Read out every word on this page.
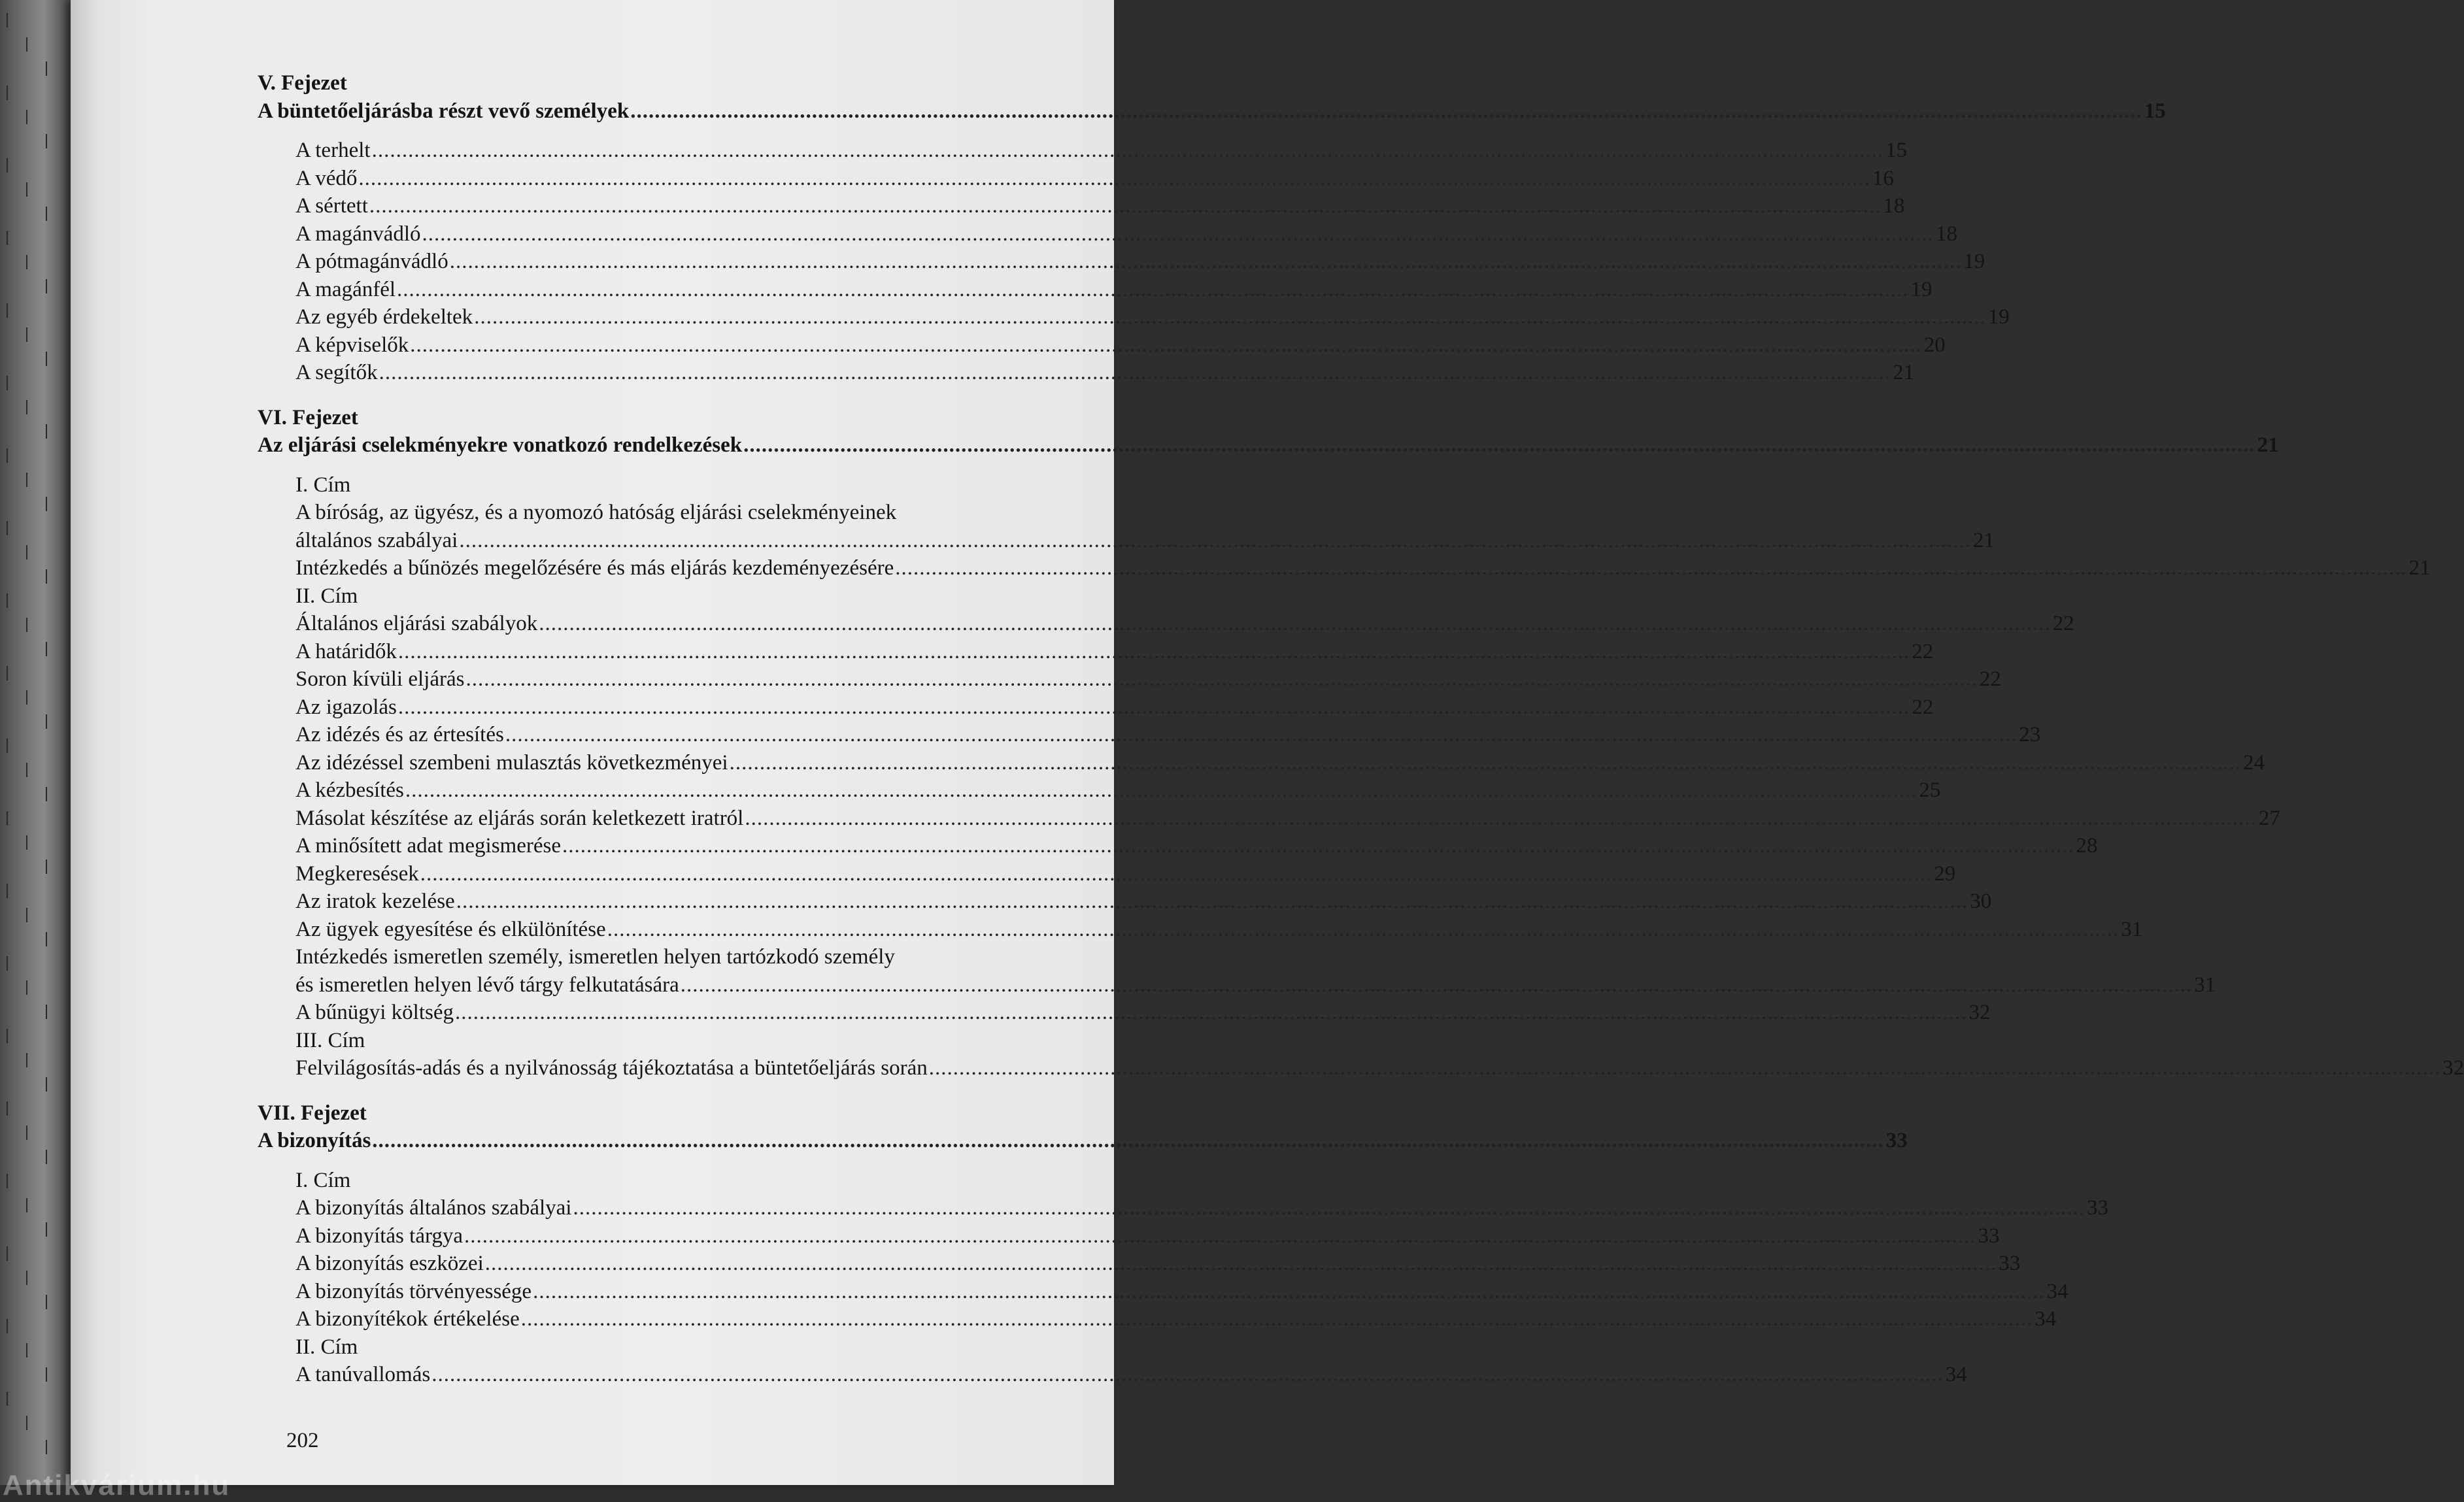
V. Fejezet
A büntetőeljárásba részt vevő személyek .....	15
A terhelt .....	15
A védő .....	16
A sértett .....	18
A magánvádló .....	18
A pótmagánvádló .....	19
A magánfél .....	19
Az egyéb érdekeltek .....	19
A képviselők .....	20
A segítők .....	21
VI. Fejezet
Az eljárási cselekményekre vonatkozó rendelkezések .....	21
I. Cím
A bíróság, az ügyész, és a nyomozó hatóság eljárási cselekményeinek
általános szabályai .....	21
Intézkedés a bűnözés megelőzésére és más eljárás kezdeményezésére .....	21
II. Cím
Általános eljárási szabályok .....	22
A határidők .....	22
Soron kívüli eljárás .....	22
Az igazolás .....	22
Az idézés és az értesítés .....	23
Az idézéssel szembeni mulasztás következményei .....	24
A kézbesítés .....	25
Másolat készítése az eljárás során keletkezett iratról .....	27
A minősített adat megismerése .....	28
Megkeresések .....	29
Az iratok kezelése .....	30
Az ügyek egyesítése és elkülönítése .....	31
Intézkedés ismeretlen személy, ismeretlen helyen tartózkodó személy
és ismeretlen helyen lévő tárgy felkutatására .....	31
A bűnügyi költség .....	32
III. Cím
Felvilágosítás-adás és a nyilvánosság tájékoztatása a büntetőeljárás során .....	32
VII. Fejezet
A bizonyítás .....	33
I. Cím
A bizonyítás általános szabályai .....	33
A bizonyítás tárgya .....	33
A bizonyítás eszközei .....	33
A bizonyítás törvényessége .....	34
A bizonyítékok értékelése .....	34
II. Cím
A tanúvallomás .....	34
202
Antikvárium.hu
